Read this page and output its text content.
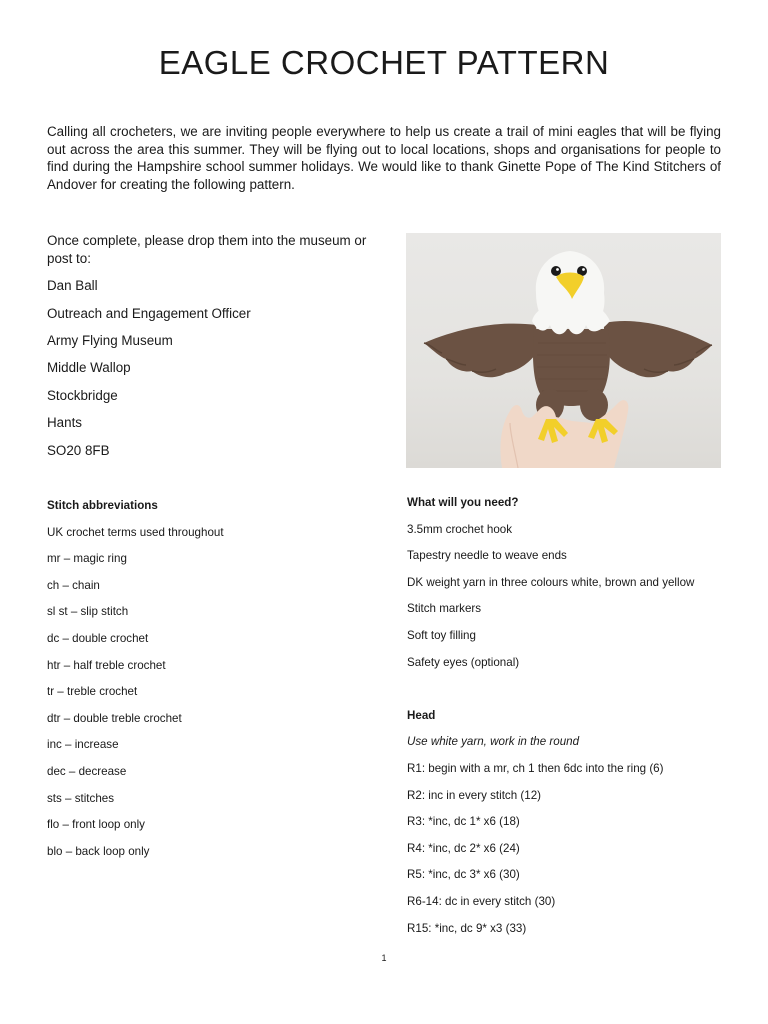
EAGLE CROCHET PATTERN

Calling all crocheters, we are inviting people everywhere to help us create a trail of mini eagles that will be flying out across the area this summer. They will be flying out to local locations, shops and organisations for people to find during the Hampshire school summer holidays. We would like to thank Ginette Pope of The Kind Stitchers of Andover for creating the following pattern.

Once complete, please drop them into the museum or post to:

Dan Ball

Outreach and Engagement Officer

Army Flying Museum

Middle Wallop

Stockbridge

Hants

SO20 8FB

Stitch abbreviations

UK crochet terms used throughout

mr – magic ring

ch – chain

sl st – slip stitch

dc – double crochet

htr – half treble crochet

tr – treble crochet

dtr – double treble crochet

inc – increase

dec – decrease

sts – stitches

flo – front loop only

blo – back loop only

What will you need?

3.5mm crochet hook

Tapestry needle to weave ends

DK weight yarn in three colours white, brown and yellow

Stitch markers

Soft toy filling

Safety eyes (optional)

Head

Use white yarn, work in the round

R1: begin with a mr, ch 1 then 6dc into the ring (6)

R2: inc in every stitch (12)

R3: *inc, dc 1* x6 (18)

R4: *inc, dc 2* x6 (24)

R5: *inc, dc 3* x6 (30)

R6-14: dc in every stitch (30)

R15: *inc, dc 9* x3 (33)

1
